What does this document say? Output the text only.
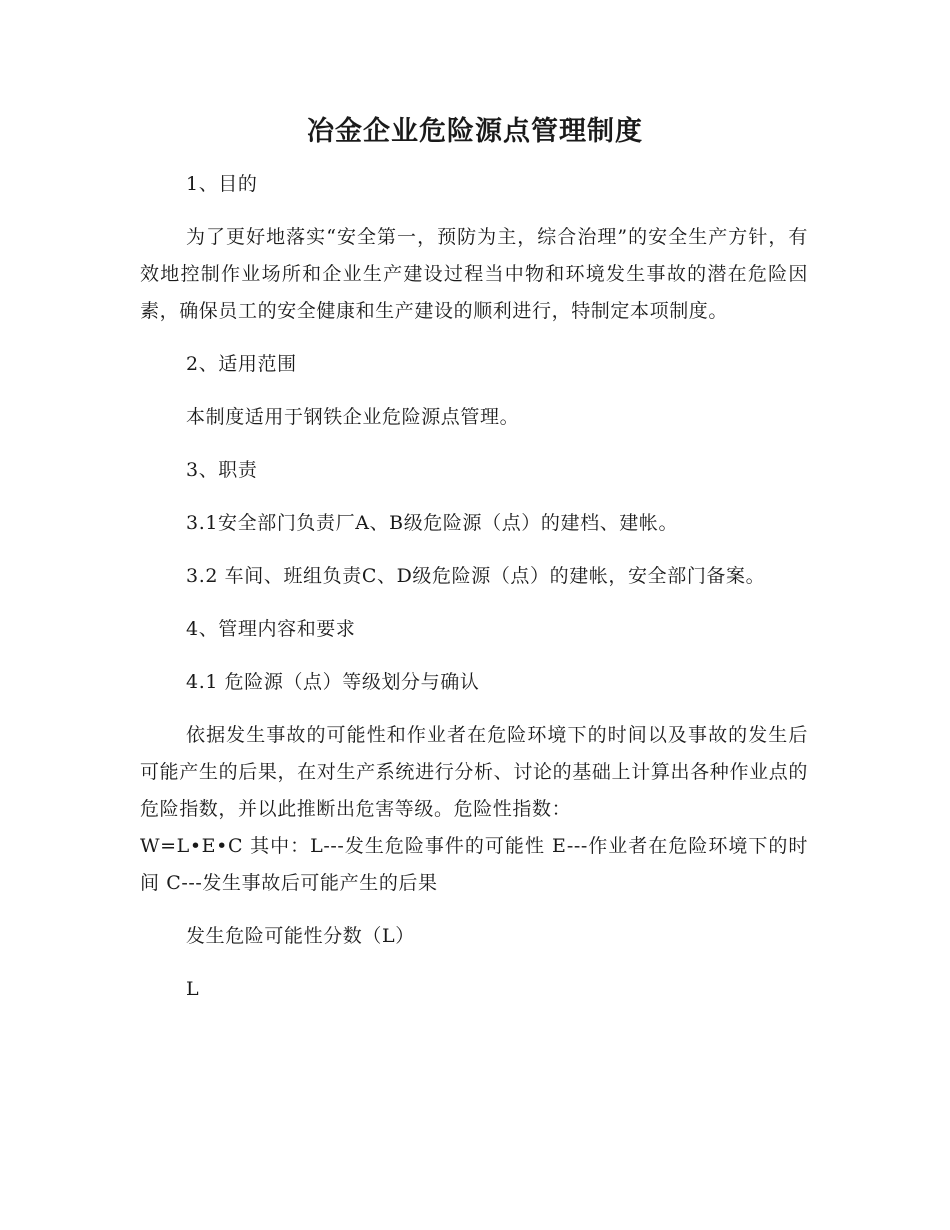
冶金企业危险源点管理制度

1、目的

为了更好地落实“安全第一，预防为主，综合治理”的安全生产方针，有效地控制作业场所和企业生产建设过程当中物和环境发生事故的潜在危险因素，确保员工的安全健康和生产建设的顺利进行，特制定本项制度。

2、适用范围

本制度适用于钢铁企业危险源点管理。

3、职责

3.1安全部门负责厂A、B级危险源（点）的建档、建帐。

3.2 车间、班组负责C、D级危险源（点）的建帐，安全部门备案。

4、管理内容和要求

4.1 危险源（点）等级划分与确认

依据发生事故的可能性和作业者在危险环境下的时间以及事故的发生后可能产生的后果，在对生产系统进行分析、讨论的基础上计算出各种作业点的危险指数，并以此推断出危害等级。危险性指数：

W=L•E•C 其中：L---发生危险事件的可能性 E---作业者在危险环境下的时间 C---发生事故后可能产生的后果

发生危险可能性分数（L）

L
